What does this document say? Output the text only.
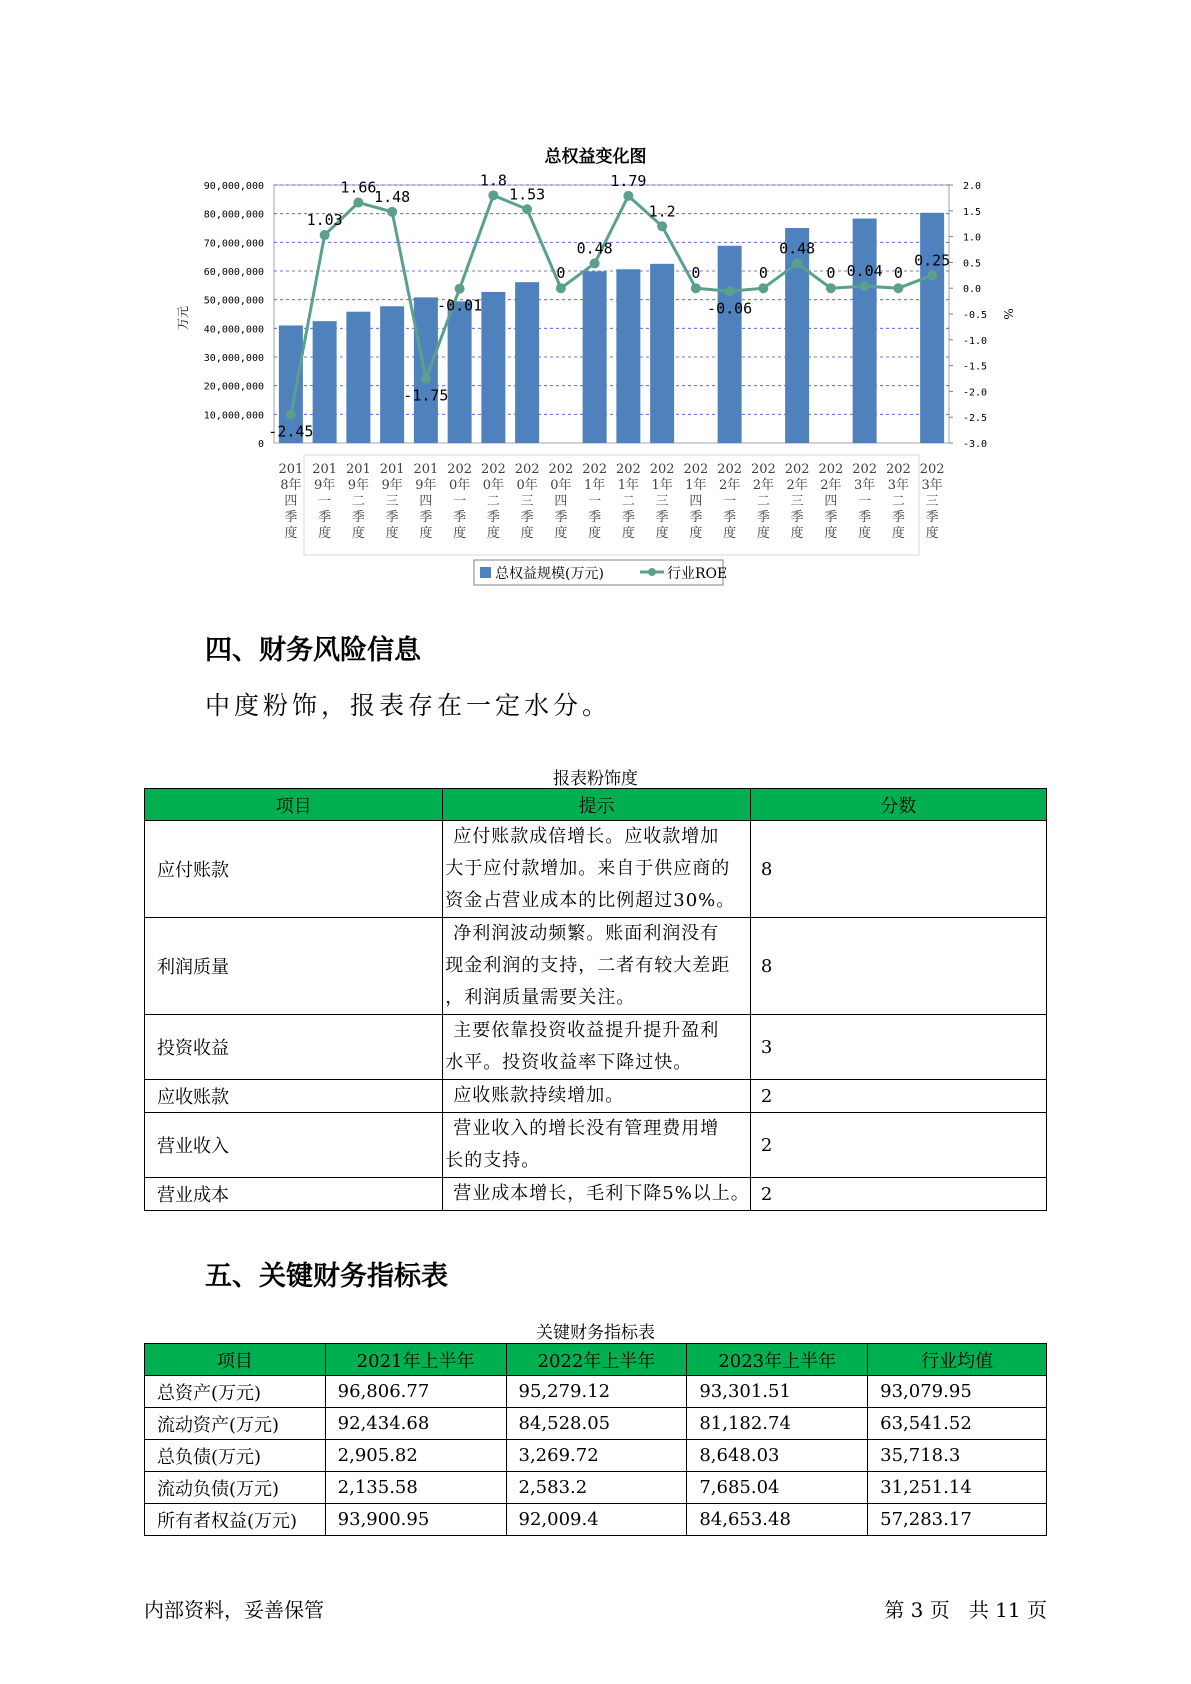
总权益变化图
0
10,000,000
20,000,000
30,000,000
40,000,000
50,000,000
60,000,000
70,000,000
80,000,000
90,000,000	2.0
1.5
1.0
0.5
0.0
-0.5
-1.0
-1.5
-2.0
-2.5
-3.0
万元	%
-2.45
1.03
1.66
1.48
-1.75
-0.01
1.8
1.53
0
0.48
1.79
1.2
0
-0.06
0
0.48
0 0.04 0
0.25
201 8年四季度
201 9年一季度
201 9年二季度
201 9年三季度
201 9年四季度
202 0年一季度
202 0年二季度
202 0年三季度
202 0年四季度
202 1年一季度
202 1年二季度
202 1年三季度
202 1年四季度
202 2年一季度
202 2年二季度
202 2年三季度
202 2年四季度
202 3年一季度
202 3年二季度
202 3年三季度
总权益规模(万元)	行业ROE
四、财务风险信息
中度粉饰，报表存在一定水分。
报表粉饰度
项目	提示	分数
应付账款	应付账款成倍增长。应收款增加
大于应付款增加。来自于供应商的
资金占营业成本的比例超过30%。	8
利润质量	净利润波动频繁。账面利润没有
现金利润的支持，二者有较大差距
，利润质量需要关注。	8
投资收益	主要依靠投资收益提升提升盈利
水平。投资收益率下降过快。	3
应收账款	应收账款持续增加。	2
营业收入	营业收入的增长没有管理费用增
长的支持。	2
营业成本	营业成本增长，毛利下降5%以上。	2
五、关键财务指标表
关键财务指标表
项目	2021年上半年	2022年上半年	2023年上半年	行业均值
总资产(万元)	96,806.77	95,279.12	93,301.51	93,079.95
流动资产(万元)	92,434.68	84,528.05	81,182.74	63,541.52
总负债(万元)	2,905.82	3,269.72	8,648.03	35,718.3
流动负债(万元)	2,135.58	2,583.2	7,685.04	31,251.14
所有者权益(万元)	93,900.95	92,009.4	84,653.48	57,283.17
内部资料，妥善保管	第 3 页   共 11 页
